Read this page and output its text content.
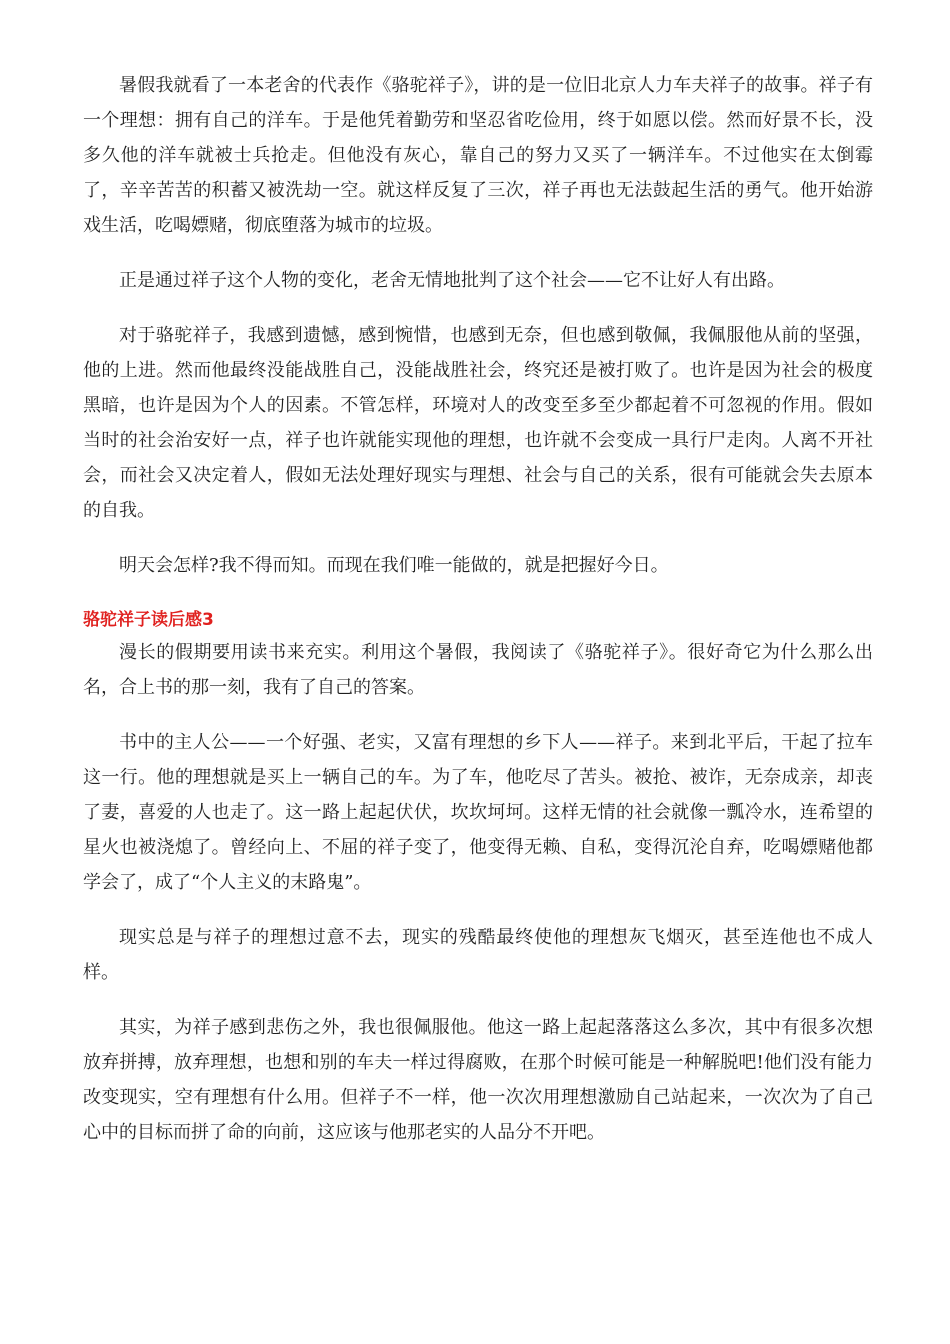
暑假我就看了一本老舍的代表作《骆驼祥子》，讲的是一位旧北京人力车夫祥子的故事。祥子有一个理想：拥有自己的洋车。于是他凭着勤劳和坚忍省吃俭用，终于如愿以偿。然而好景不长，没多久他的洋车就被士兵抢走。但他没有灰心，靠自己的努力又买了一辆洋车。不过他实在太倒霉了，辛辛苦苦的积蓄又被洗劫一空。就这样反复了三次，祥子再也无法鼓起生活的勇气。他开始游戏生活，吃喝嫖赌，彻底堕落为城市的垃圾。

正是通过祥子这个人物的变化，老舍无情地批判了这个社会——它不让好人有出路。

对于骆驼祥子，我感到遗憾，感到惋惜，也感到无奈，但也感到敬佩，我佩服他从前的坚强，他的上进。然而他最终没能战胜自己，没能战胜社会，终究还是被打败了。也许是因为社会的极度黑暗，也许是因为个人的因素。不管怎样，环境对人的改变至多至少都起着不可忽视的作用。假如当时的社会治安好一点，祥子也许就能实现他的理想，也许就不会变成一具行尸走肉。人离不开社会，而社会又决定着人，假如无法处理好现实与理想、社会与自己的关系，很有可能就会失去原本的自我。

明天会怎样?我不得而知。而现在我们唯一能做的，就是把握好今日。

骆驼祥子读后感3

漫长的假期要用读书来充实。利用这个暑假，我阅读了《骆驼祥子》。很好奇它为什么那么出名，合上书的那一刻，我有了自己的答案。

书中的主人公——一个好强、老实，又富有理想的乡下人——祥子。来到北平后，干起了拉车这一行。他的理想就是买上一辆自己的车。为了车，他吃尽了苦头。被抢、被诈，无奈成亲，却丧了妻，喜爱的人也走了。这一路上起起伏伏，坎坎坷坷。这样无情的社会就像一瓢冷水，连希望的星火也被浇熄了。曾经向上、不屈的祥子变了，他变得无赖、自私，变得沉沦自弃，吃喝嫖赌他都学会了，成了“个人主义的末路鬼”。

现实总是与祥子的理想过意不去，现实的残酷最终使他的理想灰飞烟灭，甚至连他也不成人样。

其实，为祥子感到悲伤之外，我也很佩服他。他这一路上起起落落这么多次，其中有很多次想放弃拼搏，放弃理想，也想和别的车夫一样过得腐败，在那个时候可能是一种解脱吧!他们没有能力改变现实，空有理想有什么用。但祥子不一样，他一次次用理想激励自己站起来，一次次为了自己心中的目标而拼了命的向前，这应该与他那老实的人品分不开吧。
